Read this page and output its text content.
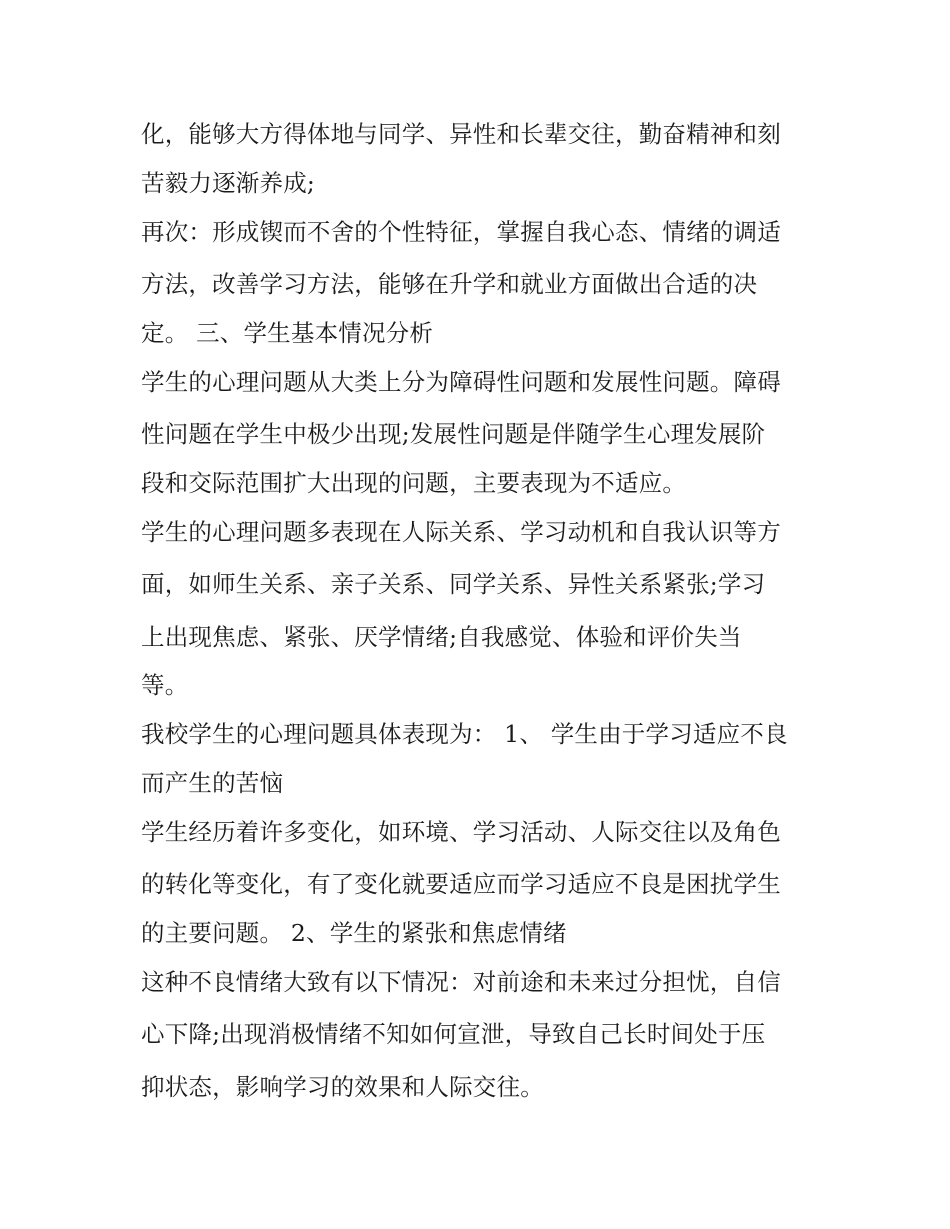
化，能够大方得体地与同学、异性和长辈交往，勤奋精神和刻
苦毅力逐渐养成;
再次：形成锲而不舍的个性特征，掌握自我心态、情绪的调适
方法，改善学习方法，能够在升学和就业方面做出合适的决
定。 三、学生基本情况分析
学生的心理问题从大类上分为障碍性问题和发展性问题。障碍
性问题在学生中极少出现;发展性问题是伴随学生心理发展阶
段和交际范围扩大出现的问题，主要表现为不适应。
学生的心理问题多表现在人际关系、学习动机和自我认识等方
面，如师生关系、亲子关系、同学关系、异性关系紧张;学习
上出现焦虑、紧张、厌学情绪;自我感觉、体验和评价失当
等。
我校学生的心理问题具体表现为： 1、 学生由于学习适应不良
而产生的苦恼
学生经历着许多变化，如环境、学习活动、人际交往以及角色
的转化等变化，有了变化就要适应而学习适应不良是困扰学生
的主要问题。 2、学生的紧张和焦虑情绪
这种不良情绪大致有以下情况：对前途和未来过分担忧，自信
心下降;出现消极情绪不知如何宣泄，导致自己长时间处于压
抑状态，影响学习的效果和人际交往。
